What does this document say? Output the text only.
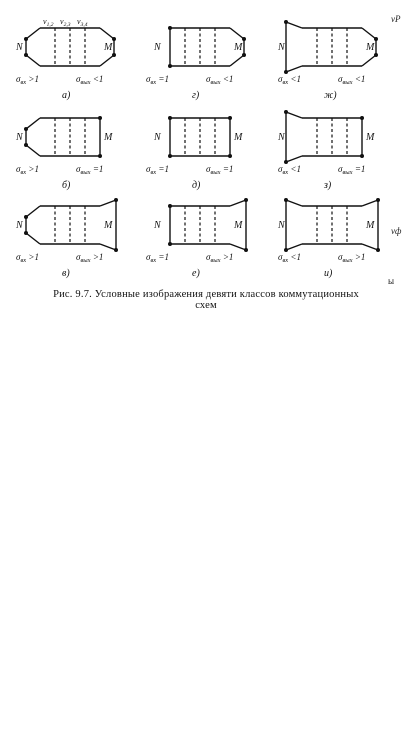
N	M
$\sigma_{вх} >1$	$\sigma_{вых} <1$
а)
$v_{1,2}$ $v_{2,3}$ $v_{3,4}$
N	M
$\sigma_{вх} =1$	$\sigma_{вых} <1$
г)
N	M
$\sigma_{вх} <1$	$\sigma_{вых} <1$
ж)
N	M
$\sigma_{вх} >1$	$\sigma_{вых} =1$
б)
N	M
$\sigma_{вх} =1$	$\sigma_{вых} =1$
д)
N	M
$\sigma_{вх} <1$	$\sigma_{вых} =1$
з)
N	M
$\sigma_{вх} >1$	$\sigma_{вых} >1$
в)
N	M
$\sigma_{вх} =1$	$\sigma_{вых} >1$
е)
N	M
$\sigma_{вх} <1$	$\sigma_{вых} >1$
и)
vP
vф
ы
Рис. 9.7. Условные изображения девяти классов коммутационных
схем
